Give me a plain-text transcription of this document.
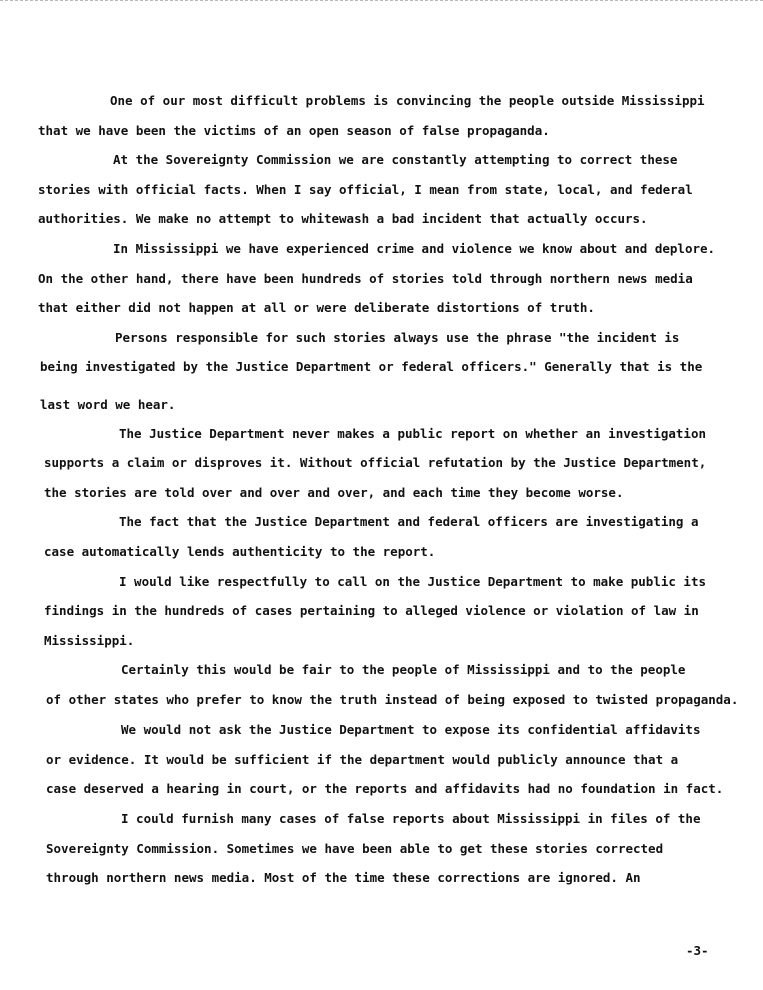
One of our most difficult problems is convincing the people outside Mississippi
that we have been the victims of an open season of false propaganda.
At the Sovereignty Commission we are constantly attempting to correct these
stories with official facts. When I say official, I mean from state, local, and federal
authorities. We make no attempt to whitewash a bad incident that actually occurs.
In Mississippi we have experienced crime and violence we know about and deplore.
On the other hand, there have been hundreds of stories told through northern news media
that either did not happen at all or were deliberate distortions of truth.
Persons responsible for such stories always use the phrase "the incident is
being investigated by the Justice Department or federal officers." Generally that is the
last word we hear.
The Justice Department never makes a public report on whether an investigation
supports a claim or disproves it. Without official refutation by the Justice Department,
the stories are told over and over and over, and each time they become worse.
The fact that the Justice Department and federal officers are investigating a
case automatically lends authenticity to the report.
I would like respectfully to call on the Justice Department to make public its
findings in the hundreds of cases pertaining to alleged violence or violation of law in
Mississippi.
Certainly this would be fair to the people of Mississippi and to the people
of other states who prefer to know the truth instead of being exposed to twisted propaganda.
We would not ask the Justice Department to expose its confidential affidavits
or evidence. It would be sufficient if the department would publicly announce that a
case deserved a hearing in court, or the reports and affidavits had no foundation in fact.
I could furnish many cases of false reports about Mississippi in files of the
Sovereignty Commission. Sometimes we have been able to get these stories corrected
through northern news media. Most of the time these corrections are ignored. An
-3-
